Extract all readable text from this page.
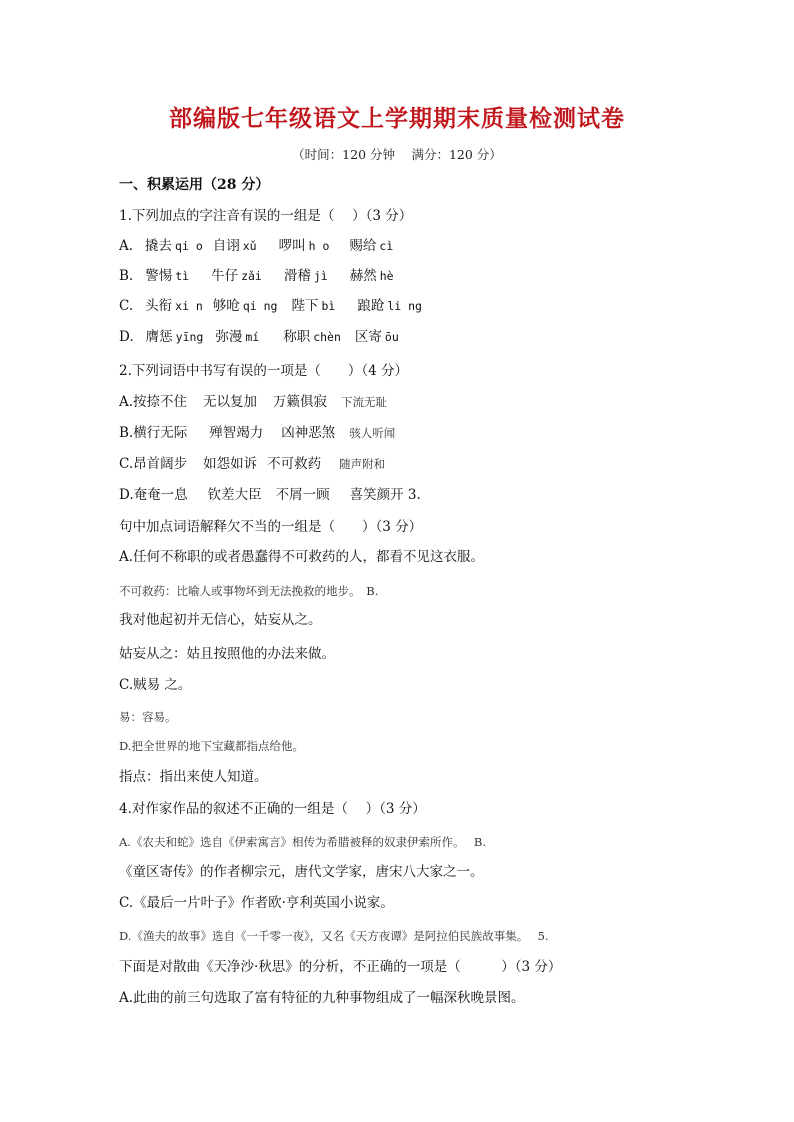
部编版七年级语文上学期期末质量检测试卷
（时间：120 分钟　 满分：120 分）
一、积累运用（28 分）
1.下列加点的字注音有误的一组是（　 ）（3 分）
A. 撬去 qi o 自诩 xǔ 啰叫 h o 赐给 cì
B. 警惕 tì 牛仔 zǎi 滑稽 jì 赫然 hè
C. 头衔 xi n 够呛 qi ng 陛下 bì 踉跄 li ng
D. 膺惩 yīng 弥漫 mí 称职 chèn 区寄 ōu
2.下列词语中书写有误的一项是（　　）（4 分）
A.按捺不住 无以复加 万籁俱寂 下流无耻
B.横行无际 殚智竭力 凶神恶煞 骇人听闻
C.昂首阔步 如怨如诉 不可救药 随声附和
D.奄奄一息 钦差大臣 不屑一顾 喜笑颜开 3.
句中加点词语解释欠不当的一组是（　　）（3 分）
A.任何不称职的或者愚蠢得不可救药的人，都看不见这衣服。
不可救药：比喻人或事物坏到无法挽救的地步。　B.
我对他起初并无信心，姑妄从之。
姑妄从之：姑且按照他的办法来做。
C.贼易 之。
易：容易。
D.把全世界的地下宝藏都指点给他。
指点：指出来使人知道。
4.对作家作品的叙述不正确的一组是（　 ）（3 分）
A.《农夫和蛇》选自《伊索寓言》相传为希腊被释的奴隶伊索所作。　 B.
《童区寄传》的作者柳宗元，唐代文学家，唐宋八大家之一。
C.《最后一片叶子》作者欧·亨利英国小说家。
D.《渔夫的故事》选自《一千零一夜》，又名《天方夜谭》是阿拉伯民族故事集。　 5.
下面是对散曲《天净沙·秋思》的分析，不正确的一项是（　　　）（3 分）
A.此曲的前三句选取了富有特征的九种事物组成了一幅深秋晚景图。
